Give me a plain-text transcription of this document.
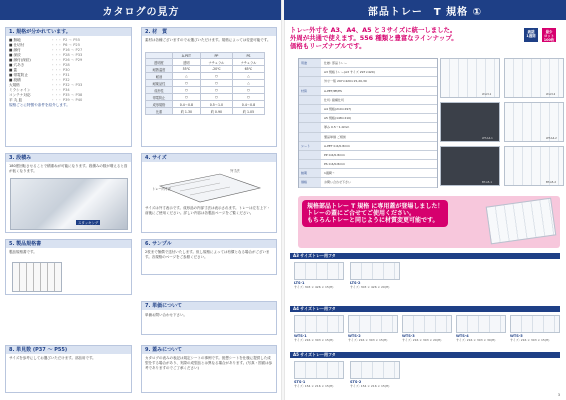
カタログの見方
1. 規格が分かれています。
■ 無地	・・・ P2 〜 P55
■ 仕切付	・・・ P6 〜 P25
■ 縁付	・・・ P16 〜 P27
■ 深絞	・・・ P28 〜 P33
■ 縁付(深絞)	・・・ P26 〜 P29
■ 穴あき	・・・ P28
■ 蓋	・・・ P30
■ 帯電防止	・・・ P31
■ 段積	・・・ P32
大規格	・・・ P32 〜 P33
ミラシャイン	・・・ P34
コンテナ対応	・・・ P35 〜 P38
平 丸 皿	・・・ P39 〜 P40
規格ごとに特徴や条件を紹介します。
2. 材　質
素材は各種ございますのでお選びいただけます。規格によっては変更可能です。
	A-PET	PP	PS
透明度	透明	ナチュラル	ナチュラル
耐熱温度	55℃	-20℃	65℃
耐油	△	○	△
耐薬品性	○	○	△
成形性	○	○	○
帯電防止	○	○	○
成形規格	0.4〜0.8	0.5〜1.0	0.4〜0.8
比重	約 1.30	約 0.90	約 1.05
3. 段積み
180度回転させることで積重ねが可能になります。段積みの数が増えると嵩が低くなります。
スタッキング
4. サイズ
トレー内寸法
外寸法
サイズは外寸表示です。成形品の内部寸法は表示されます。トレーは左右上下・前後にご使用ください。詳しい内容は各製品ページをご覧ください。
5. 製品規格書
製品規格書です。
6. サンプル
2枚まで無償で送付いたします。但し規格によっては有償となる場合がございます。各規格のページをご参照ください。
7. 単価について
単価お問い合わせ下さい。
8. 単見数 (P37 〜 P55)
サイズを参考にしてお選びいただけます。部品用です。
9. 蓋みについて
カタログの表みの表記は規定シートの事例です。仮想シートを仕様に提供した成型をする場合があり、実際の成型品とは異なる場合があります。(写真・図面は参考でありますのでご了承ください)
部品トレー　T 規格 ①
トレー外寸を A3、A4、A5 と３サイズに統一しました。
外周が共通で使えます。556 種類と豊富なラインナップ。
価格もリーズナブルです。
納期
1週間
最少
ロット
100枚
用途	仕様: 部品トレー
A3 規格トレー(A3 サイズ 297×420)
外寸一般 297×420×15,20,30
材質	A-PET/PP/PS
仕切: 縦横仕切
A4 規格(210×297)
A5 規格(148×210)
厚み 0.5〜1.0mm
製品単価 ご相談
シート	A-PET 0.6/0.8mm
PP 0.6/0.8mm
PS 0.6/0.8mm
納期	1週間〜
価格	お問い合わせ下さい
LT-A3-1	LT-A3-2
WT-A4-1	WT-A4-2
BT-A5-1	BT-A5-2
規格部品トレー T 規格 に専用蓋が登場しました！
トレーの蓋にご合せてご使用ください。
もちろんトレーと同じように材質変更可能です。
A3 サイズトレー用フタ
LTS-1
サイズ: 303 × 426 × 15(H)
LTS-2
サイズ: 303 × 426 × 20(H)
A4 サイズトレー用フタ
WTS-1
サイズ: 216 × 303 × 15(H)
WTS-2
サイズ: 216 × 303 × 15(H)
WTS-3
サイズ: 216 × 303 × 20(H)
WTS-4
サイズ: 216 × 303 × 30(H)
WTS-5
サイズ: 216 × 303 × 15(H)
A5 サイズトレー用フタ
STS-1
サイズ: 154 × 216 × 15(H)
STS-2
サイズ: 154 × 216 × 15(H)
3
